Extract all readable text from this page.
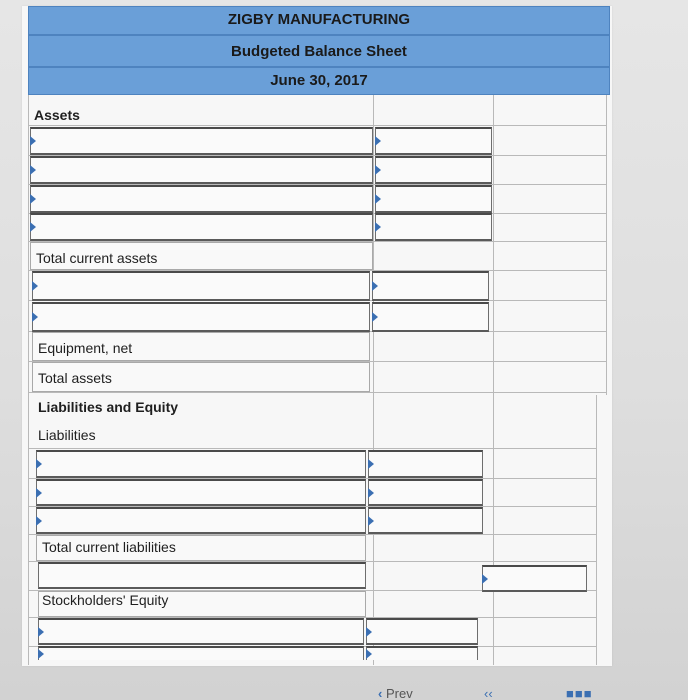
ZIGBY MANUFACTURING
Budgeted Balance Sheet
June 30, 2017
Assets
Total current assets
Equipment, net
Total assets
Liabilities and Equity
Liabilities
Total current liabilities
Stockholders' Equity
‹ Prev	‹‹	■■■
